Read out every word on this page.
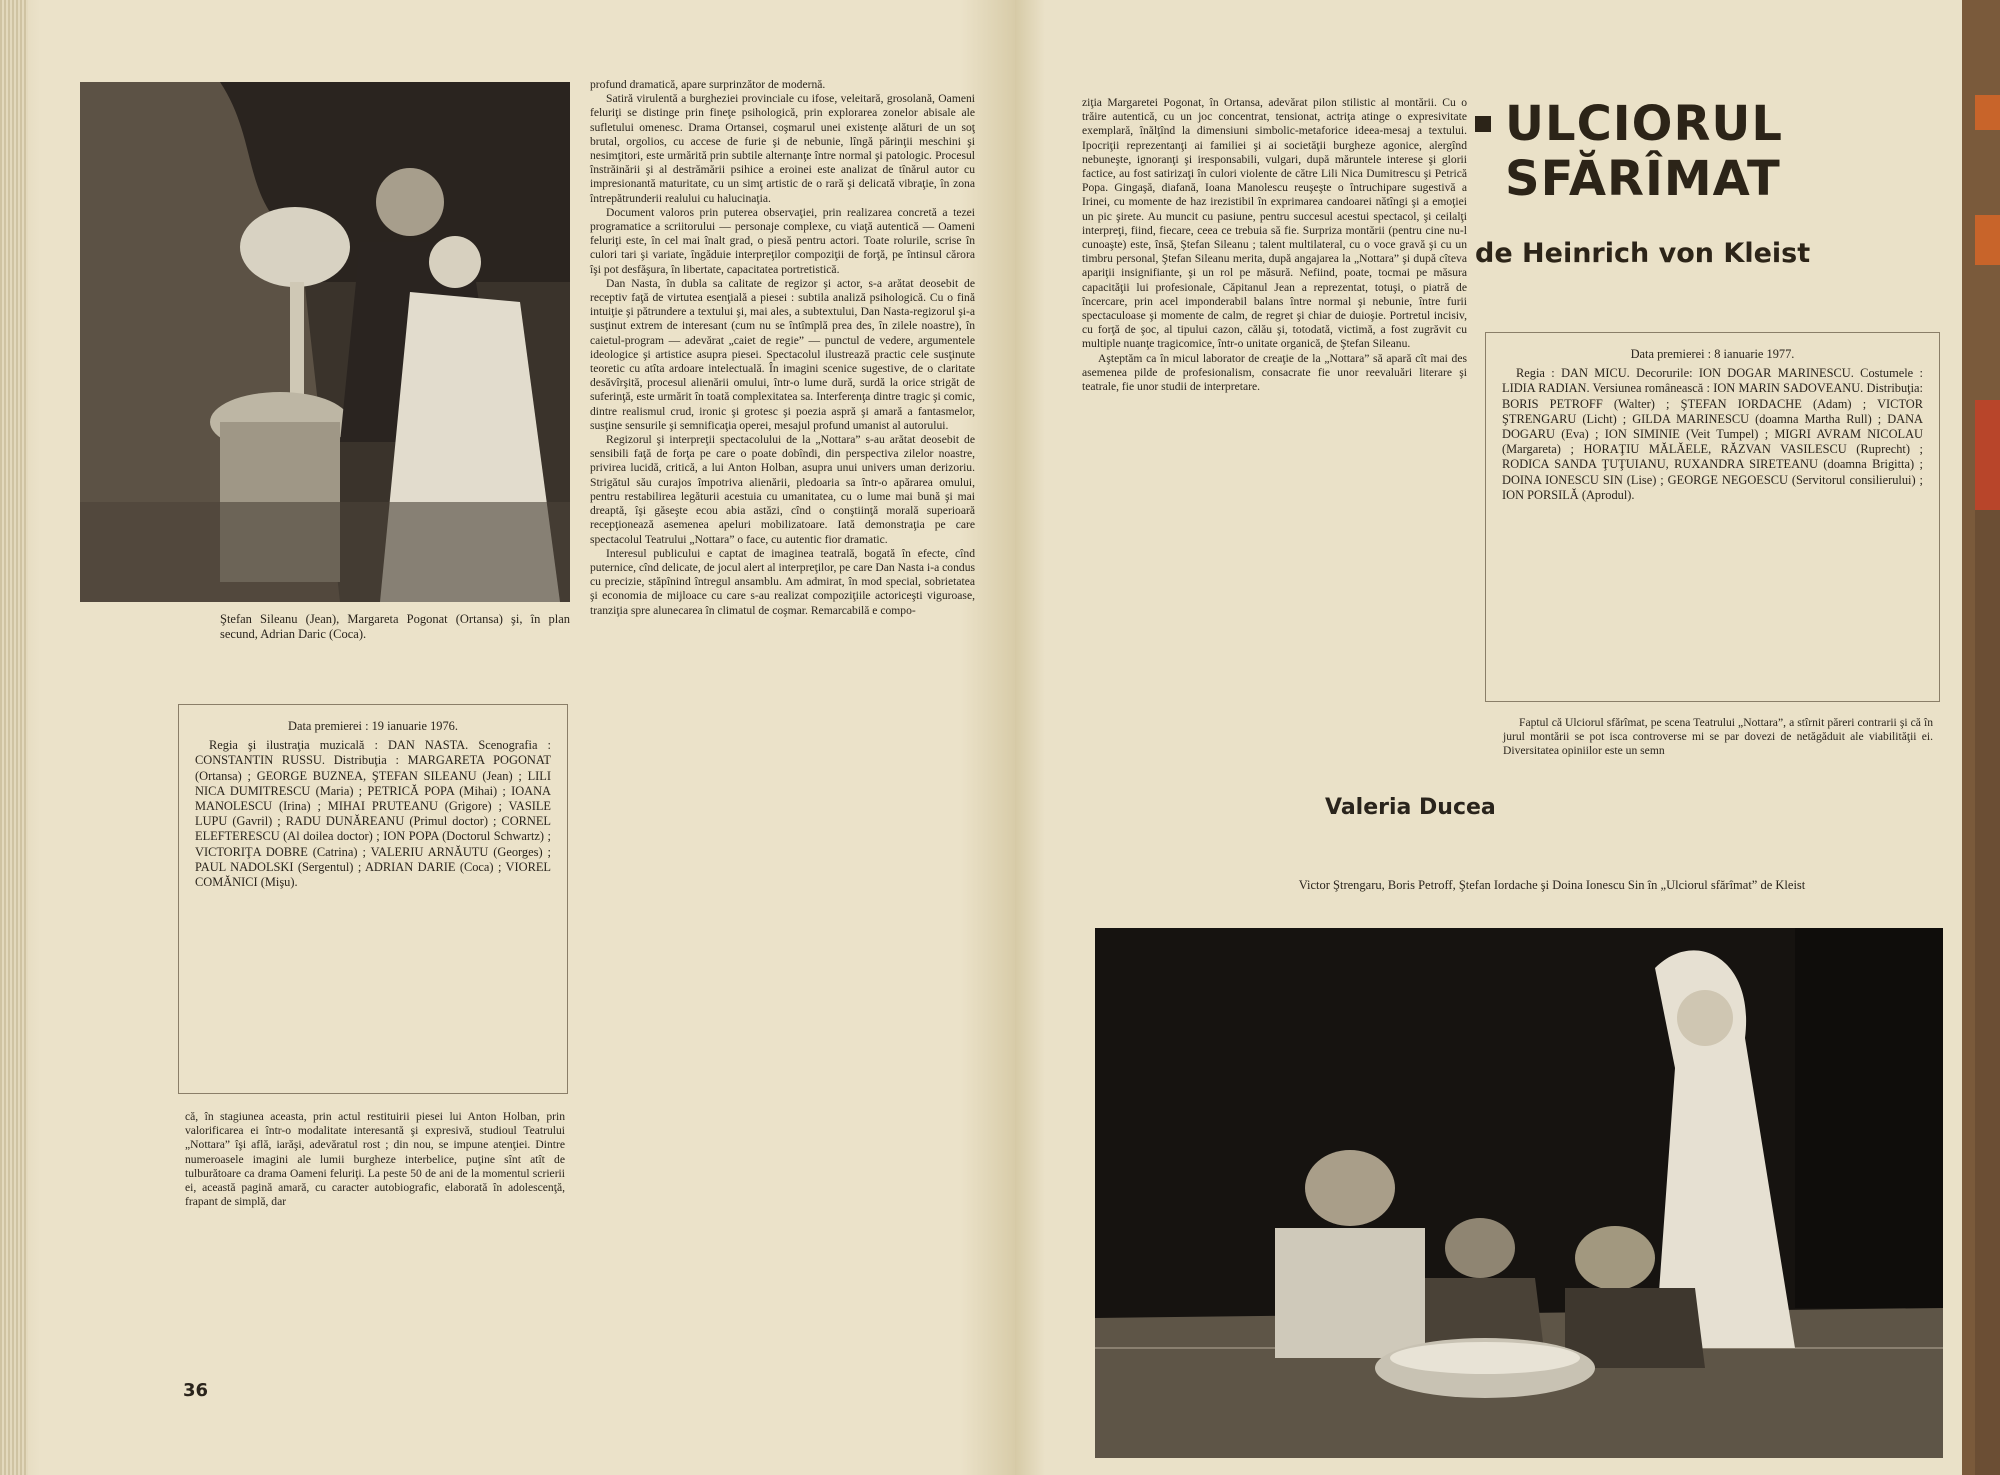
Ştefan Sileanu (Jean), Margareta Pogonat (Ortansa) şi, în plan secund, Adrian Daric (Coca).
Data premierei : 19 ianuarie 1976.
Regia şi ilustraţia muzicală : DAN NASTA. Scenografia : CONSTANTIN RUSSU. Distribuţia : MARGARETA POGONAT (Ortansa) ; GEORGE BUZNEA, ŞTEFAN SILEANU (Jean) ; LILI NICA DUMITRESCU (Maria) ; PETRICĂ POPA (Mihai) ; IOANA MANOLESCU (Irina) ; MIHAI PRUTEANU (Grigore) ; VASILE LUPU (Gavril) ; RADU DUNĂREANU (Primul doctor) ; CORNEL ELEFTERESCU (Al doilea doctor) ; ION POPA (Doctorul Schwartz) ; VICTORIŢA DOBRE (Catrina) ; VALERIU ARNĂUTU (Georges) ; PAUL NADOLSKI (Sergentul) ; ADRIAN DARIE (Coca) ; VIOREL COMĂNICI (Mişu).

că, în stagiunea aceasta, prin actul restituirii piesei lui Anton Holban, prin valorificarea ei într-o modalitate interesantă şi expresivă, studioul Teatrului „Nottara” îşi află, iarăşi, adevăratul rost ; din nou, se impune atenţiei. Dintre numeroasele imagini ale lumii burgheze interbelice, puţine sînt atît de tulburătoare ca drama Oameni feluriţi. La peste 50 de ani de la momentul scrierii ei, această pagină amară, cu caracter autobiografic, elaborată în adolescenţă, frapant de simplă, dar

profund dramatică, apare surprinzător de modernă.

Satiră virulentă a burgheziei provinciale cu ifose, veleitară, grosolană, Oameni feluriţi se distinge prin fineţe psihologică, prin explorarea zonelor abisale ale sufletului omenesc. Drama Ortansei, coşmarul unei existenţe alături de un soţ brutal, orgolios, cu accese de furie şi de nebunie, lîngă părinţii meschini şi nesimţitori, este urmărită prin subtile alternanţe între normal şi patologic. Procesul înstrăinării şi al destrămării psihice a eroinei este analizat de tînărul autor cu impresionantă maturitate, cu un simţ artistic de o rară şi delicată vibraţie, în zona întrepătrunderii realului cu halucinaţia.

Document valoros prin puterea observaţiei, prin realizarea concretă a tezei programatice a scriitorului — personaje complexe, cu viaţă autentică — Oameni feluriţi este, în cel mai înalt grad, o piesă pentru actori. Toate rolurile, scrise în culori tari şi variate, îngăduie interpreţilor compoziţii de forţă, pe întinsul cărora îşi pot desfăşura, în libertate, capacitatea portretistică.

Dan Nasta, în dubla sa calitate de regizor şi actor, s-a arătat deosebit de receptiv faţă de virtutea esenţială a piesei : subtila analiză psihologică. Cu o fină intuiţie şi pătrundere a textului şi, mai ales, a subtextului, Dan Nasta-regizorul şi-a susţinut extrem de interesant (cum nu se întîmplă prea des, în zilele noastre), în caietul-program — adevărat „caiet de regie” — punctul de vedere, argumentele ideologice şi artistice asupra piesei. Spectacolul ilustrează practic cele susţinute teoretic cu atîta ardoare intelectuală. În imagini scenice sugestive, de o claritate desăvîrşită, procesul alienării omului, într-o lume dură, surdă la orice strigăt de suferinţă, este urmărit în toată complexitatea sa. Interferenţa dintre tragic şi comic, dintre realismul crud, ironic şi grotesc şi poezia aspră şi amară a fantasmelor, susţine sensurile şi semnificaţia operei, mesajul profund umanist al autorului.

Regizorul şi interpreţii spectacolului de la „Nottara” s-au arătat deosebit de sensibili faţă de forţa pe care o poate dobîndi, din perspectiva zilelor noastre, privirea lucidă, critică, a lui Anton Holban, asupra unui univers uman derizoriu. Strigătul său curajos împotriva alienării, pledoaria sa într-o apărarea omului, pentru restabilirea legăturii acestuia cu umanitatea, cu o lume mai bună şi mai dreaptă, îşi găseşte ecou abia astăzi, cînd o conştiinţă morală superioară recepţionează asemenea apeluri mobilizatoare. Iată demonstraţia pe care spectacolul Teatrului „Nottara” o face, cu autentic fior dramatic.

Interesul publicului e captat de imaginea teatrală, bogată în efecte, cînd puternice, cînd delicate, de jocul alert al interpreţilor, pe care Dan Nasta i-a condus cu precizie, stăpînind întregul ansamblu. Am admirat, în mod special, sobrietatea şi economia de mijloace cu care s-au realizat compoziţiile actoriceşti viguroase, tranziţia spre alunecarea în climatul de coşmar. Remarcabilă e compo-

36

ziţia Margaretei Pogonat, în Ortansa, adevărat pilon stilistic al montării. Cu o trăire autentică, cu un joc concentrat, tensionat, actriţa atinge o expresivitate exemplară, înălţînd la dimensiuni simbolic-metaforice ideea-mesaj a textului. Ipocriţii reprezentanţi ai familiei şi ai societăţii burgheze agonice, alergînd nebuneşte, ignoranţi şi iresponsabili, vulgari, după măruntele interese şi glorii factice, au fost satirizaţi în culori violente de către Lili Nica Dumitrescu şi Petrică Popa. Gingaşă, diafană, Ioana Manolescu reuşeşte o întruchipare sugestivă a Irinei, cu momente de haz irezistibil în exprimarea candoarei nătîngi şi a emoţiei un pic şirete. Au muncit cu pasiune, pentru succesul acestui spectacol, şi ceilalţi interpreţi, fiind, fiecare, ceea ce trebuia să fie. Surpriza montării (pentru cine nu-l cunoaşte) este, însă, Ştefan Sileanu ; talent multilateral, cu o voce gravă şi cu un timbru personal, Ştefan Sileanu merita, după angajarea la „Nottara” şi după cîteva apariţii insignifiante, şi un rol pe măsură. Nefiind, poate, tocmai pe măsura capacităţii lui profesionale, Căpitanul Jean a reprezentat, totuşi, o piatră de încercare, prin acel imponderabil balans între normal şi nebunie, între furii spectaculoase şi momente de calm, de regret şi chiar de duioşie. Portretul incisiv, cu forţă de şoc, al tipului cazon, călău şi, totodată, victimă, a fost zugrăvit cu multiple nuanţe tragicomice, într-o unitate organică, de Ştefan Sileanu.

Aşteptăm ca în micul laborator de creaţie de la „Nottara” să apară cît mai des asemenea pilde de profesionalism, consacrate fie unor reevaluări literare şi teatrale, fie unor studii de interpretare.

Valeria Ducea
ULCIORUL
SFĂRÎMAT
de Heinrich von Kleist
Data premierei : 8 ianuarie 1977.
Regia : DAN MICU. Decorurile: ION DOGAR MARINESCU. Costumele : LIDIA RADIAN. Versiunea românească : ION MARIN SADOVEANU. Distribuţia: BORIS PETROFF (Walter) ; ŞTEFAN IORDACHE (Adam) ; VICTOR ŞTRENGARU (Licht) ; GILDA MARINESCU (doamna Martha Rull) ; DANA DOGARU (Eva) ; ION SIMINIE (Veit Tumpel) ; MIGRI AVRAM NICOLAU (Margareta) ; HORAŢIU MĂLĂELE, RĂZVAN VASILESCU (Ruprecht) ; RODICA SANDA ŢUŢUIANU, RUXANDRA SIRETEANU (doamna Brigitta) ; DOINA IONESCU SIN (Lise) ; GEORGE NEGOESCU (Servitorul consilierului) ; ION PORSILĂ (Aprodul).

Faptul că Ulciorul sfărîmat, pe scena Teatrului „Nottara”, a stîrnit păreri contrarii şi că în jurul montării se pot isca controverse mi se par dovezi de netăgăduit ale viabilităţii ei. Diversitatea opiniilor este un semn

Victor Ştrengaru, Boris Petroff, Ştefan Iordache şi Doina Ionescu Sin în „Ulciorul sfărîmat” de Kleist
